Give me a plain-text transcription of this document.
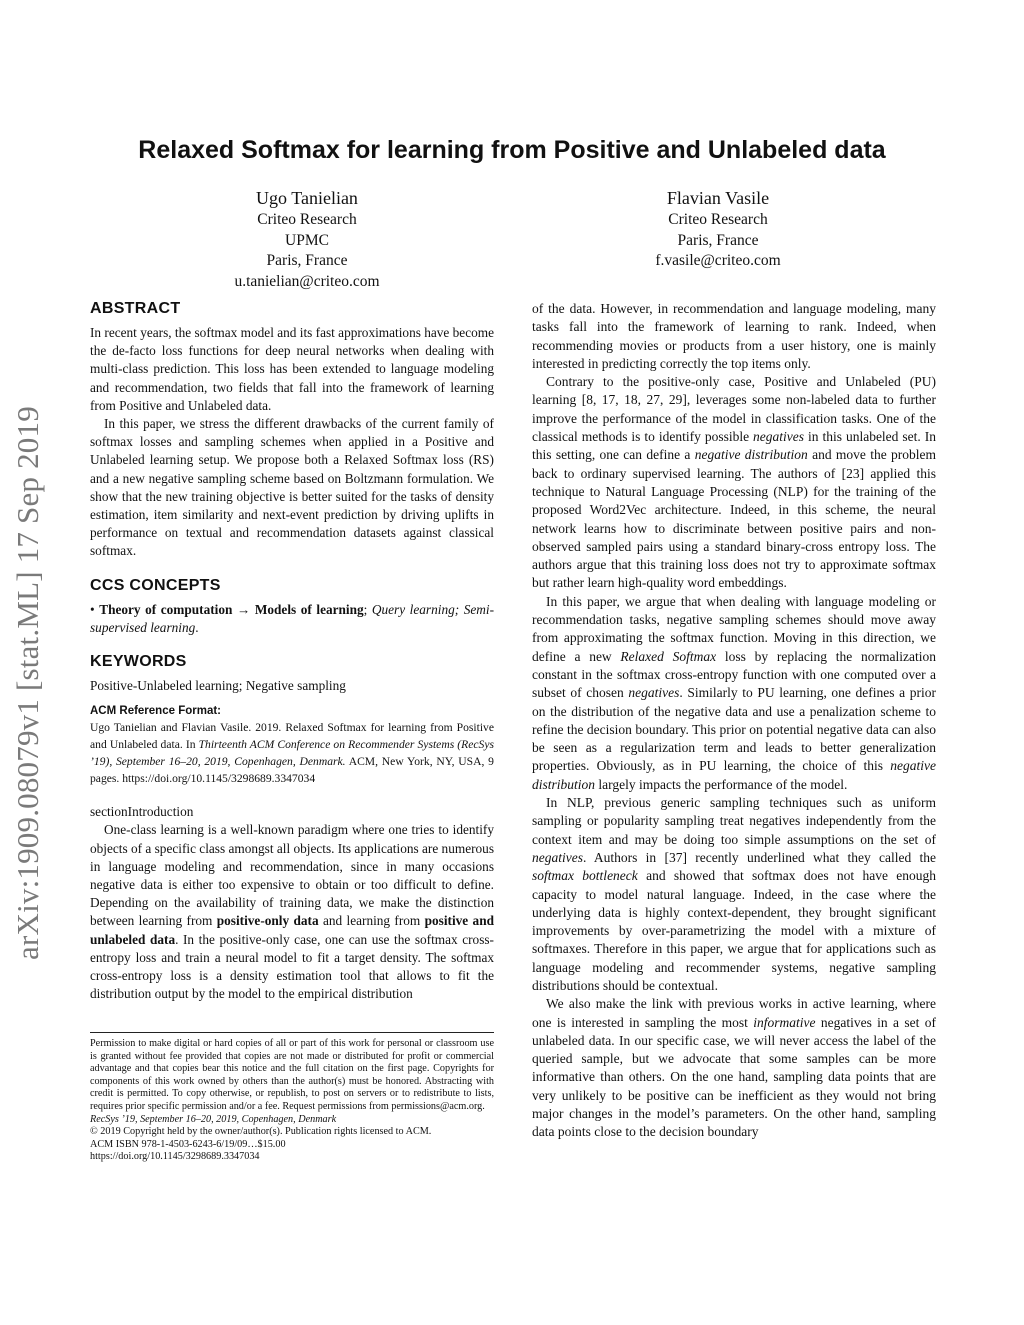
arXiv:1909.08079v1 [stat.ML] 17 Sep 2019
Relaxed Softmax for learning from Positive and Unlabeled data
Ugo Tanielian
Criteo Research
UPMC
Paris, France
u.tanielian@criteo.com
Flavian Vasile
Criteo Research
Paris, France
f.vasile@criteo.com
ABSTRACT

In recent years, the softmax model and its fast approximations have become the de-facto loss functions for deep neural networks when dealing with multi-class prediction. This loss has been extended to language modeling and recommendation, two fields that fall into the framework of learning from Positive and Unlabeled data.

In this paper, we stress the different drawbacks of the current family of softmax losses and sampling schemes when applied in a Positive and Unlabeled learning setup. We propose both a Relaxed Softmax loss (RS) and a new negative sampling scheme based on Boltzmann formulation. We show that the new training objective is better suited for the tasks of density estimation, item similarity and next-event prediction by driving uplifts in performance on textual and recommendation datasets against classical softmax.

CCS CONCEPTS

• Theory of computation → Models of learning; Query learning; Semi-supervised learning.

KEYWORDS

Positive-Unlabeled learning; Negative sampling

ACM Reference Format:

Ugo Tanielian and Flavian Vasile. 2019. Relaxed Softmax for learning from Positive and Unlabeled data. In Thirteenth ACM Conference on Recommender Systems (RecSys ’19), September 16–20, 2019, Copenhagen, Denmark. ACM, New York, NY, USA, 9 pages. https://doi.org/10.1145/3298689.3347034

sectionIntroduction

One-class learning is a well-known paradigm where one tries to identify objects of a specific class amongst all objects. Its applications are numerous in language modeling and recommendation, since in many occasions negative data is either too expensive to obtain or too difficult to define. Depending on the availability of training data, we make the distinction between learning from positive-only data and learning from positive and unlabeled data. In the positive-only case, one can use the softmax cross-entropy loss and train a neural model to fit a target density. The softmax cross-entropy loss is a density estimation tool that allows to fit the distribution output by the model to the empirical distribution

Permission to make digital or hard copies of all or part of this work for personal or classroom use is granted without fee provided that copies are not made or distributed for profit or commercial advantage and that copies bear this notice and the full citation on the first page. Copyrights for components of this work owned by others than the author(s) must be honored. Abstracting with credit is permitted. To copy otherwise, or republish, to post on servers or to redistribute to lists, requires prior specific permission and/or a fee. Request permissions from permissions@acm.org.

RecSys ’19, September 16–20, 2019, Copenhagen, Denmark

© 2019 Copyright held by the owner/author(s). Publication rights licensed to ACM.

ACM ISBN 978-1-4503-6243-6/19/09…$15.00

https://doi.org/10.1145/3298689.3347034

of the data. However, in recommendation and language modeling, many tasks fall into the framework of learning to rank. Indeed, when recommending movies or products from a user history, one is mainly interested in predicting correctly the top items only.

Contrary to the positive-only case, Positive and Unlabeled (PU) learning [8, 17, 18, 27, 29], leverages some non-labeled data to further improve the performance of the model in classification tasks. One of the classical methods is to identify possible negatives in this unlabeled set. In this setting, one can define a negative distribution and move the problem back to ordinary supervised learning. The authors of [23] applied this technique to Natural Language Processing (NLP) for the training of the proposed Word2Vec architecture. Indeed, in this scheme, the neural network learns how to discriminate between positive pairs and non-observed sampled pairs using a standard binary-cross entropy loss. The authors argue that this training loss does not try to approximate softmax but rather learn high-quality word embeddings.

In this paper, we argue that when dealing with language modeling or recommendation tasks, negative sampling schemes should move away from approximating the softmax function. Moving in this direction, we define a new Relaxed Softmax loss by replacing the normalization constant in the softmax cross-entropy function with one computed over a subset of chosen negatives. Similarly to PU learning, one defines a prior on the distribution of the negative data and use a penalization scheme to refine the decision boundary. This prior on potential negative data can also be seen as a regularization term and leads to better generalization properties. Obviously, as in PU learning, the choice of this negative distribution largely impacts the performance of the model.

In NLP, previous generic sampling techniques such as uniform sampling or popularity sampling treat negatives independently from the context item and may be doing too simple assumptions on the set of negatives. Authors in [37] recently underlined what they called the softmax bottleneck and showed that softmax does not have enough capacity to model natural language. Indeed, in the case where the underlying data is highly context-dependent, they brought significant improvements by over-parametrizing the model with a mixture of softmaxes. Therefore in this paper, we argue that for applications such as language modeling and recommender systems, negative sampling distributions should be contextual.

We also make the link with previous works in active learning, where one is interested in sampling the most informative negatives in a set of unlabeled data. In our specific case, we will never access the label of the queried sample, but we advocate that some samples can be more informative than others. On the one hand, sampling data points that are very unlikely to be positive can be inefficient as they would not bring major changes in the model’s parameters. On the other hand, sampling data points close to the decision boundary
